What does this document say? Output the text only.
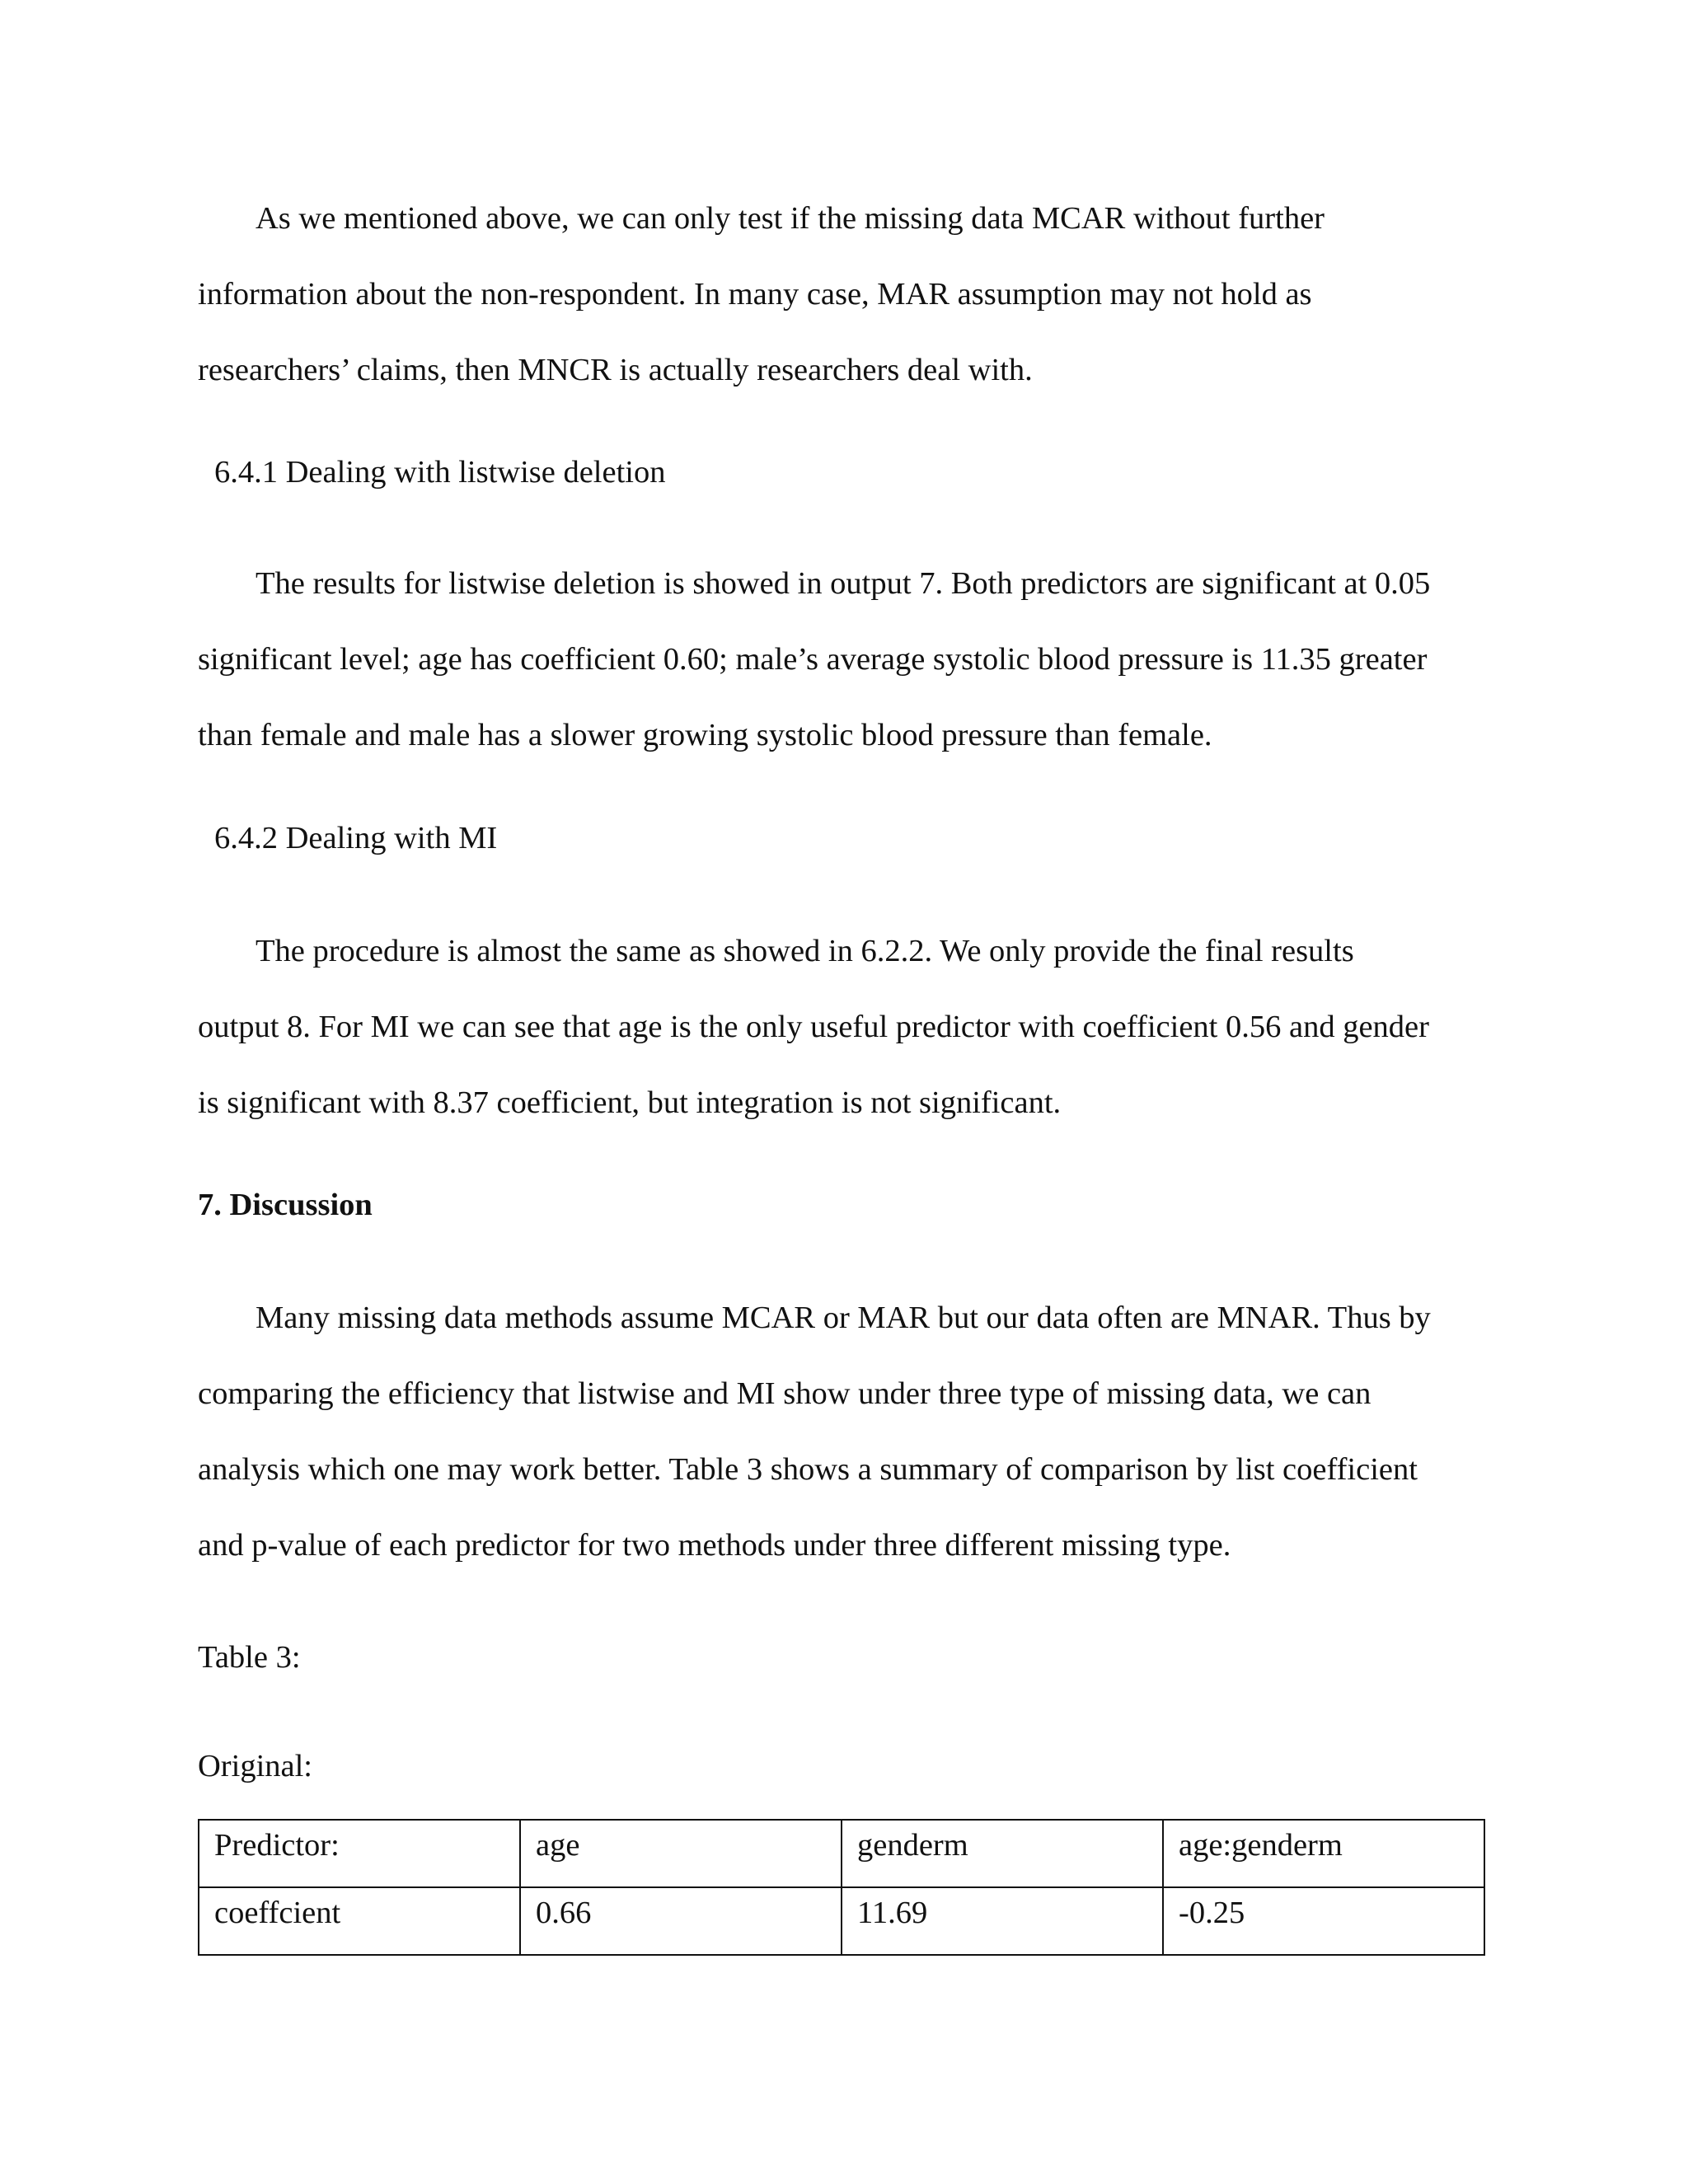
As we mentioned above, we can only test if the missing data MCAR without further
information about the non-respondent. In many case, MAR assumption may not hold as
researchers’ claims, then MNCR is actually researchers deal with.

6.4.1 Dealing with listwise deletion

The results for listwise deletion is showed in output 7. Both predictors are significant at 0.05
significant level; age has coefficient 0.60; male’s average systolic blood pressure is 11.35 greater
than female and male has a slower growing systolic blood pressure than female.

6.4.2 Dealing with MI

The procedure is almost the same as showed in 6.2.2. We only provide the final results
output 8. For MI we can see that age is the only useful predictor with coefficient 0.56 and gender
is significant with 8.37 coefficient, but integration is not significant.

7. Discussion

Many missing data methods assume MCAR or MAR but our data often are MNAR. Thus by
comparing the efficiency that listwise and MI show under three type of missing data, we can
analysis which one may work better. Table 3 shows a summary of comparison by list coefficient
and p-value of each predictor for two methods under three different missing type.

Table 3:

Original:

Predictor:	age	genderm	age:genderm
coeffcient	0.66	11.69	-0.25
